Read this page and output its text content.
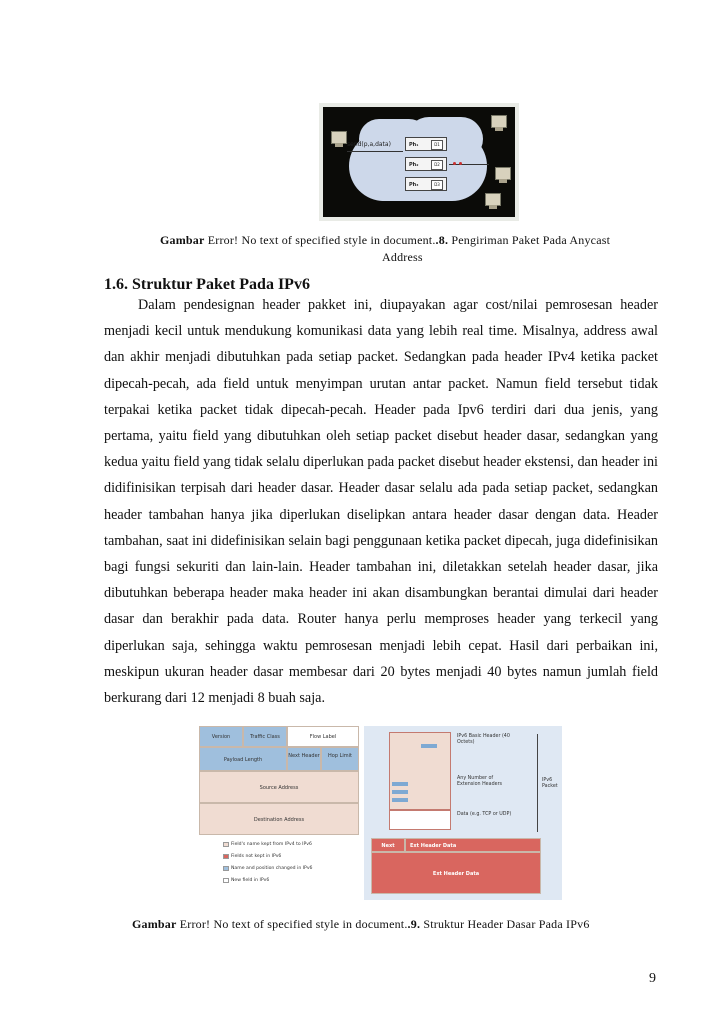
send(p,a,data)	Ph₁	D1
Ph₂	D2
Ph₃	D3
Gambar Error! No text of specified style in document..8. Pengiriman Paket Pada Anycast
Address
1.6. Struktur Paket Pada IPv6
Dalam pendesignan header pakket ini, diupayakan agar cost/nilai pemrosesan header menjadi kecil untuk mendukung komunikasi data yang lebih real time. Misalnya, address awal dan akhir menjadi dibutuhkan pada setiap packet. Sedangkan pada header IPv4 ketika packet dipecah-pecah, ada field untuk menyimpan urutan antar packet. Namun field tersebut tidak terpakai ketika packet tidak dipecah-pecah. Header pada Ipv6 terdiri dari dua jenis, yang pertama, yaitu field yang dibutuhkan oleh setiap packet disebut header dasar, sedangkan yang kedua yaitu field yang tidak selalu diperlukan pada packet disebut header ekstensi, dan header ini didifinisikan terpisah dari header dasar. Header dasar selalu ada pada setiap packet, sedangkan header tambahan hanya jika diperlukan diselipkan antara header dasar dengan data. Header tambahan, saat ini didefinisikan selain bagi penggunaan ketika packet dipecah, juga didefinisikan bagi fungsi sekuriti dan lain-lain. Header tambahan ini, diletakkan setelah header dasar, jika dibutuhkan beberapa header maka header ini akan disambungkan berantai dimulai dari header dasar dan berakhir pada data. Router hanya perlu memproses header yang terkecil yang diperlukan saja, sehingga waktu pemrosesan menjadi lebih cepat. Hasil dari perbaikan ini, meskipun ukuran header dasar membesar dari 20 bytes menjadi 40 bytes namun jumlah field berkurang dari 12 menjadi 8 buah saja.
Version	Traffic Class	Flow Label
Payload Length
Next Header	Hop Limit
Source Address
Destination Address
Field's name kept from IPv4 to IPv6
Fields not kept in IPv6
Name and position changed in IPv6
New field in IPv6
IPv6 Basic Header (40 Octets)
Any Number of Extension Headers
Data (e.g. TCP or UDP)
IPv6 Packet
Next	Ext Header Data
Ext Header Data
Gambar Error! No text of specified style in document..9. Struktur Header Dasar Pada IPv6
9
